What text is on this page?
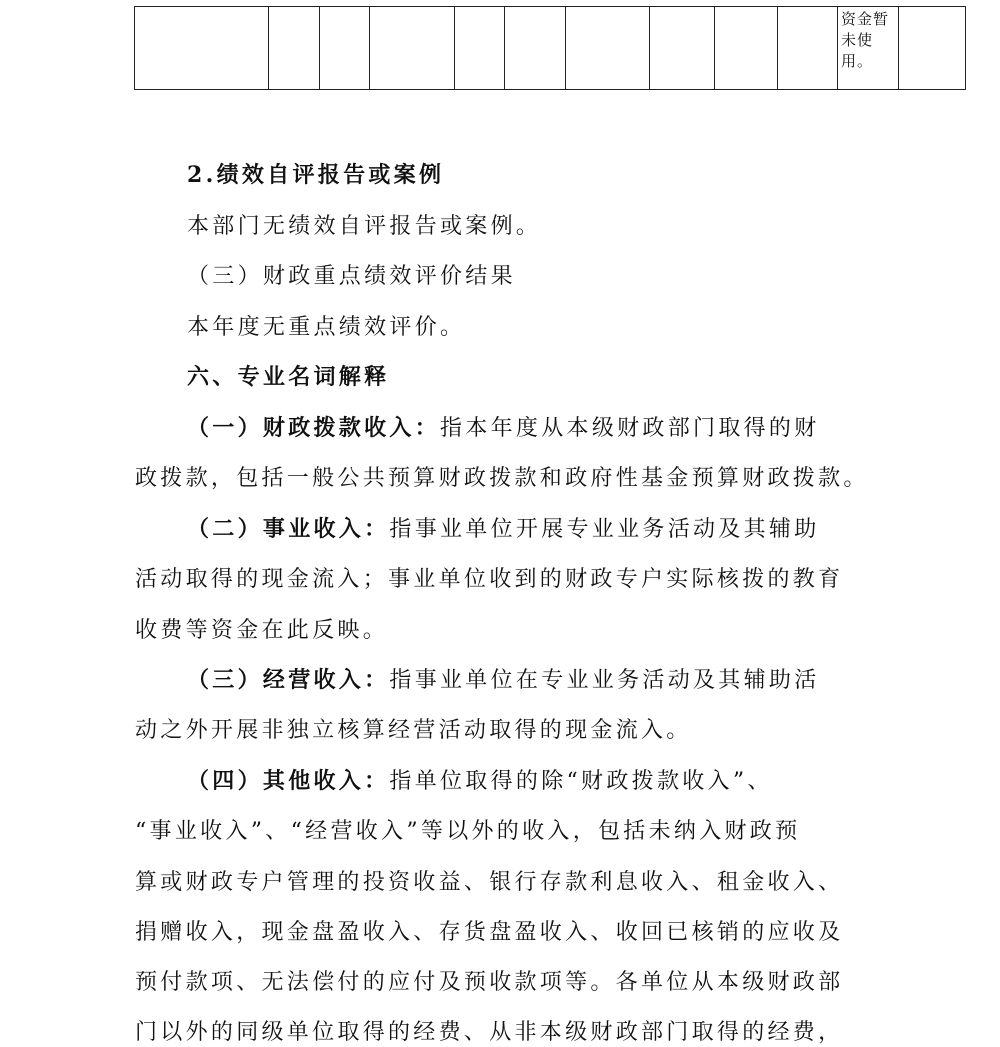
资金暂
未使
用。

2.绩效自评报告或案例
本部门无绩效自评报告或案例。
（三）财政重点绩效评价结果
本年度无重点绩效评价。
六、专业名词解释
（一）财政拨款收入：指本年度从本级财政部门取得的财
政拨款，包括一般公共预算财政拨款和政府性基金预算财政拨款。
（二）事业收入：指事业单位开展专业业务活动及其辅助
活动取得的现金流入；事业单位收到的财政专户实际核拨的教育
收费等资金在此反映。
（三）经营收入：指事业单位在专业业务活动及其辅助活
动之外开展非独立核算经营活动取得的现金流入。
（四）其他收入：指单位取得的除“财政拨款收入”、
“事业收入”、“经营收入”等以外的收入，包括未纳入财政预
算或财政专户管理的投资收益、银行存款利息收入、租金收入、
捐赠收入，现金盘盈收入、存货盘盈收入、收回已核销的应收及
预付款项、无法偿付的应付及预收款项等。各单位从本级财政部
门以外的同级单位取得的经费、从非本级财政部门取得的经费，
